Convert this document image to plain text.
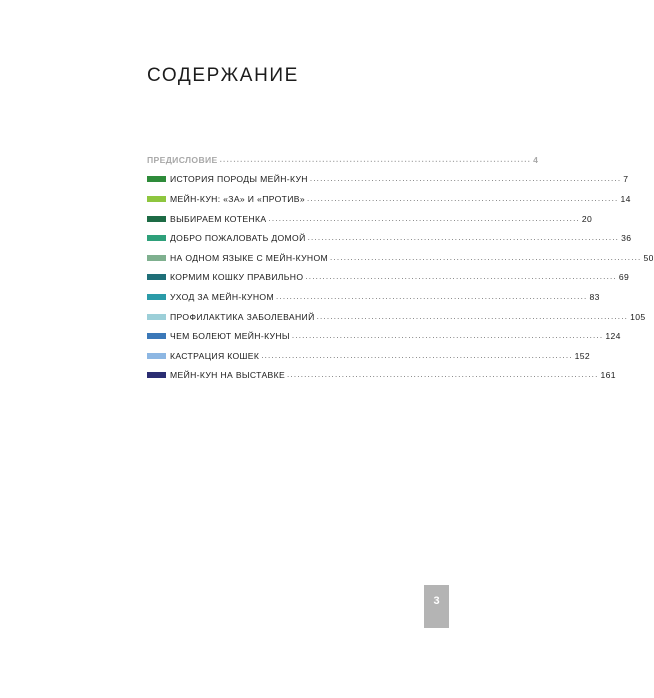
СОДЕРЖАНИЕ
ПРЕДИСЛОВИЕ ........................................................................................... 4
ИСТОРИЯ ПОРОДЫ МЕЙН-КУН ........................................................................................... 7
МЕЙН-КУН: «ЗА» И «ПРОТИВ» ........................................................................................... 14
ВЫБИРАЕМ КОТЕНКА ........................................................................................... 20
ДОБРО ПОЖАЛОВАТЬ ДОМОЙ ........................................................................................... 36
НА ОДНОМ ЯЗЫКЕ С МЕЙН-КУНОМ ........................................................................................... 50
КОРМИМ КОШКУ ПРАВИЛЬНО ........................................................................................... 69
УХОД ЗА МЕЙН-КУНОМ ........................................................................................... 83
ПРОФИЛАКТИКА ЗАБОЛЕВАНИЙ ........................................................................................... 105
ЧЕМ БОЛЕЮТ МЕЙН-КУНЫ ........................................................................................... 124
КАСТРАЦИЯ КОШЕК ........................................................................................... 152
МЕЙН-КУН НА ВЫСТАВКЕ ........................................................................................... 161
3
